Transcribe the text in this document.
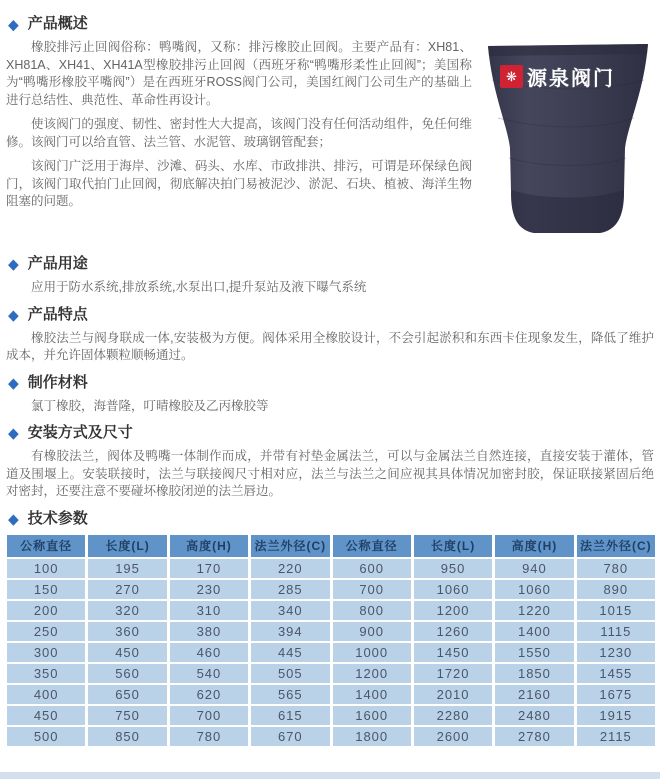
◆ 产品概述
❋ 源泉阀门

橡胶排污止回阀俗称：鸭嘴阀，又称：排污橡胶止回阀。主要产品有：XH81、XH81A、XH41、XH41A型橡胶排污止回阀（西班牙称“鸭嘴形柔性止回阀”；美国称为“鸭嘴形橡胶平嘴阀”）是在西班牙ROSS阀门公司，美国红阀门公司生产的基础上进行总结性、典范性、革命性再设计。

使该阀门的强度、韧性、密封性大大提高，该阀门没有任何活动组件，免任何维修。该阀门可以给直管、法兰管、水泥管、玻璃钢管配套；

该阀门广泛用于海岸、沙滩、码头、水库、市政排洪、排污，可谓是环保绿色阀门，该阀门取代拍门止回阀，彻底解决拍门易被泥沙、淤泥、石块、植被、海洋生物阻塞的问题。

◆ 产品用途

应用于防水系统,排放系统,水泵出口,提升泵站及液下曝气系统

◆ 产品特点

橡胶法兰与阀身联成一体,安装极为方便。阀体采用全橡胶设计，不会引起淤积和东西卡住现象发生，降低了维护成本，并允许固体颗粒顺畅通过。

◆ 制作材料

氯丁橡胶，海普隆，叮晴橡胶及乙丙橡胶等

◆ 安装方式及尺寸

有橡胶法兰，阀体及鸭嘴一体制作而成，并带有衬垫金属法兰，可以与金属法兰自然连接，直接安装于灌体，管道及围堰上。安装联接时，法兰与联接阀尺寸相对应，法兰与法兰之间应视其具体情况加密封胶，保证联接紧固后绝对密封，还要注意不要碰坏橡胶闭逆的法兰唇边。

◆ 技术参数
公称直径	长度(L)	高度(H)	法兰外径(C)	公称直径	长度(L)	高度(H)	法兰外径(C)
100	195	170	220	600	950	940	780
150	270	230	285	700	1060	1060	890
200	320	310	340	800	1200	1220	1015
250	360	380	394	900	1260	1400	1115
300	450	460	445	1000	1450	1550	1230
350	560	540	505	1200	1720	1850	1455
400	650	620	565	1400	2010	2160	1675
450	750	700	615	1600	2280	2480	1915
500	850	780	670	1800	2600	2780	2115
